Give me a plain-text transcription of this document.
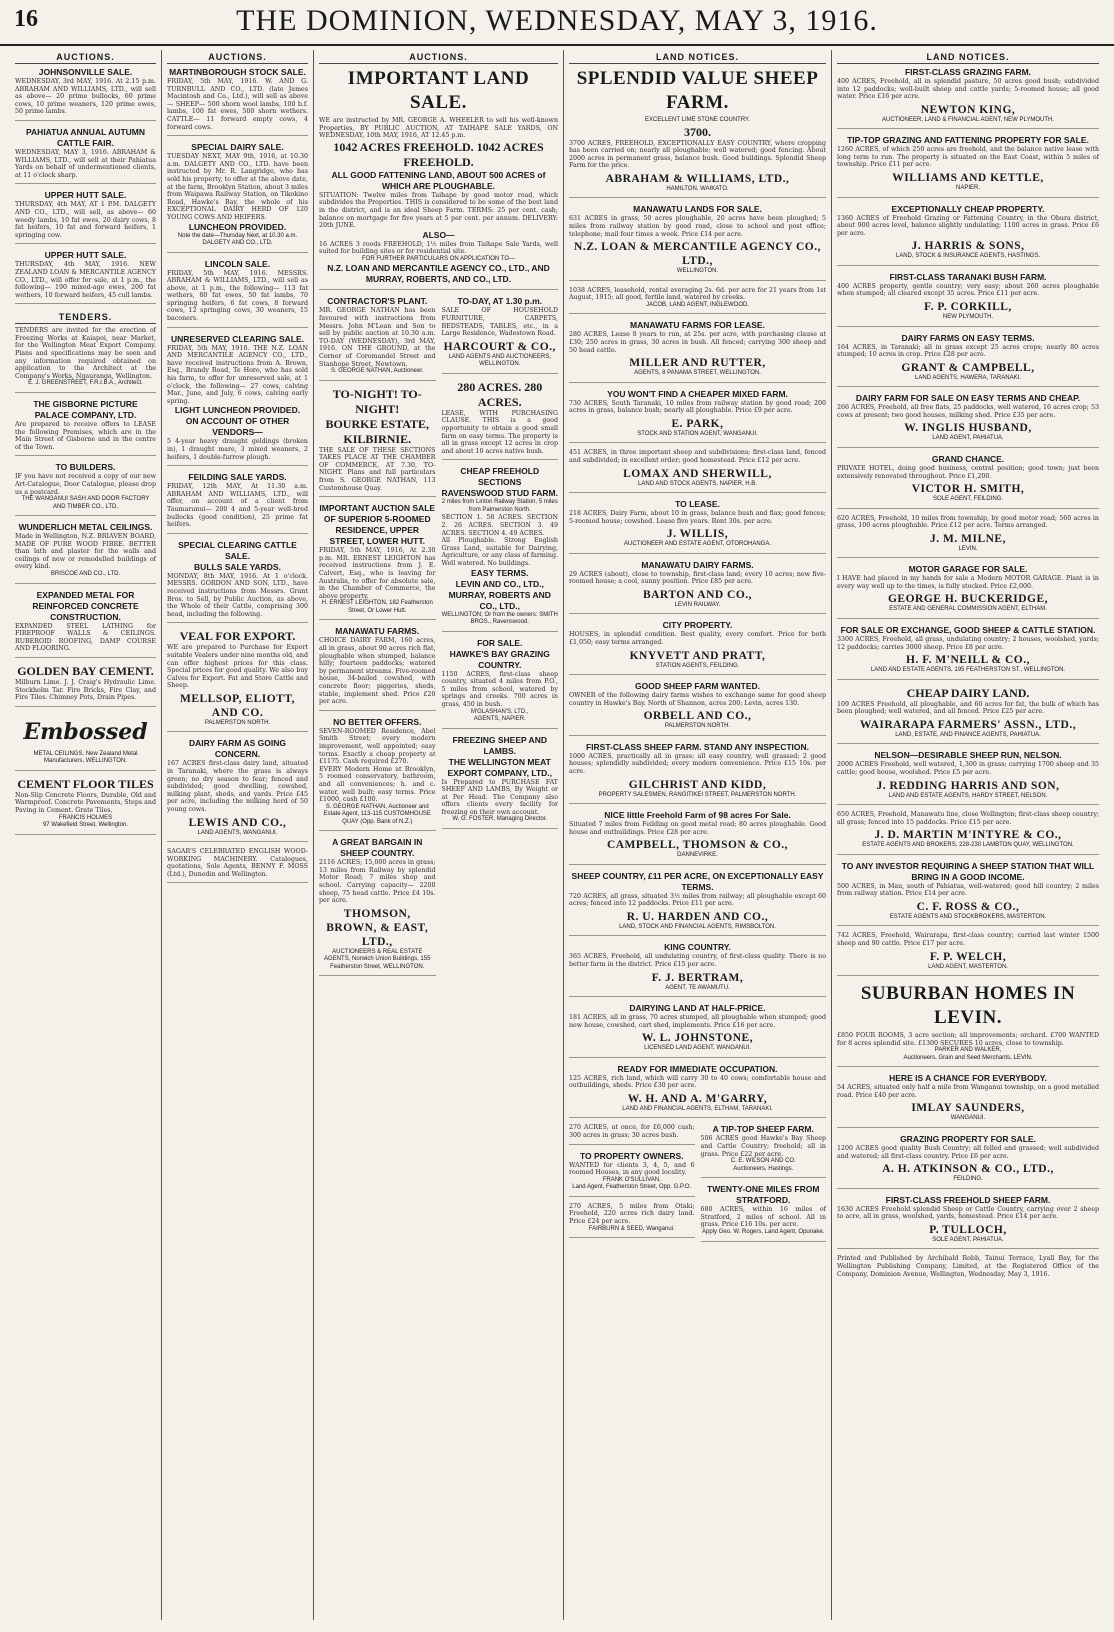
16	THE DOMINION, WEDNESDAY, MAY 3, 1916.
AUCTIONS.
JOHNSONVILLE SALE.
WEDNESDAY, 3rd MAY, 1916. At 2.15 p.m. ABRAHAM AND WILLIAMS, LTD., will sell as above— 20 prime bullocks, 60 prime cows, 10 prime weaners, 120 prime ewes, 50 prime lambs.
PAHIATUA ANNUAL AUTUMN CATTLE FAIR.
WEDNESDAY, MAY 3, 1916. ABRAHAM & WILLIAMS, LTD., will sell at their Pahiatua Yards on behalf of undermentioned clients, at 11 o'clock sharp.
UPPER HUTT SALE.
THURSDAY, 4th MAY, AT 1 P.M. DALGETY AND CO., LTD., will sell, as above— 60 weedy lambs, 10 fat ewes, 20 dairy cows, 8 fat heifers, 10 fat and forward heifers, 1 springing cow.
UPPER HUTT SALE.
THURSDAY, 4th MAY, 1916. NEW ZEALAND LOAN & MERCANTILE AGENCY CO., LTD., will offer for sale, at 1 p.m., the following— 190 mixed-age ewes, 200 fat wethers, 10 forward heifers, 45 cull lambs.
TENDERS.
TENDERS are invited for the erection of Freezing Works at Kaiapoi, near Market, for the Wellington Meat Export Company. Plans and specifications may be seen and any information required obtained on application to the Architect at the Company's Works, Ngauranga, Wellington.
E. J. GREENSTREET, F.R.I.B.A., Architect.
THE GISBORNE PICTURE PALACE COMPANY, LTD.
Are prepared to receive offers to LEASE the following Premises, which are in the Main Street of Gisborne and in the centre of the Town.
TO BUILDERS.
IF you have not received a copy of our new Art-Catalogue, Door Catalogue, please drop us a postcard.
THE WANGANUI SASH AND DOOR FACTORY AND TIMBER CO., LTD.
WUNDERLICH METAL CEILINGS.
Made in Wellington, N.Z. BRIAVEN BOARD, MADE OF PURE WOOD FIBRE. BETTER than lath and plaster for the walls and ceilings of new or remodelled buildings of every kind.
BRISCOE AND CO., LTD.
EXPANDED METAL FOR REINFORCED CONCRETE CONSTRUCTION.
EXPANDED STEEL LATHING for FIREPROOF WALLS & CEILINGS. RUBEROID ROOFING, DAMP COURSE AND FLOORING.
GOLDEN BAY CEMENT.
Milburn Lime. J. J. Craig's Hydraulic Lime. Stockholm Tar. Fire Bricks, Fire Clay, and Fire Tiles. Chimney Pots, Drain Pipes.
Embossed
METAL CEILINGS. New Zealand Metal Manufacturers, WELLINGTON.
CEMENT FLOOR TILES
Non-Slip Concrete Floors, Durable, Old and Warmproof. Concrete Pavements, Steps and Paving in Cement. Grate Tiles.
FRANCIS HOLMES
97 Wakefield Street, Wellington.
AUCTIONS.
MARTINBOROUGH STOCK SALE.
FRIDAY, 5th MAY, 1916. W. AND G. TURNBULL AND CO., LTD. (late James Macintosh and Co., Ltd.), will sell as above— SHEEP— 500 shorn wool lambs, 100 b.f. lambs, 100 fat ewes, 500 shorn wethers. CATTLE— 11 forward empty cows, 4 forward cows.
SPECIAL DAIRY SALE.
TUESDAY NEXT, MAY 9th, 1916, at 10.30 a.m. DALGETY AND CO., LTD. have been instructed by Mr. R. Langridge, who has sold his property, to offer at the above date, at the farm, Brooklyn Station, about 3 miles from Waipawa Railway Station, on Tikokino Road, Hawke's Bay, the whole of his EXCEPTIONAL DAIRY HERD OF 120 YOUNG COWS AND HEIFERS.
LUNCHEON PROVIDED.
Note the date—Thursday Next, at 10.30 a.m.
DALGETY AND CO., LTD.
LINCOLN SALE.
FRIDAY, 5th MAY, 1916. MESSRS. ABRAHAM & WILLIAMS, LTD., will sell as above, at 1 p.m., the following— 113 fat wethers, 80 fat ewes, 50 fat lambs, 70 springing heifers, 6 fat cows, 8 forward cows, 12 springing cows, 30 weaners, 15 baconers.
UNRESERVED CLEARING SALE.
FRIDAY, 5th MAY, 1916. THE N.Z. LOAN AND MERCANTILE AGENCY CO., LTD., have received instructions from A. Brown, Esq., Brandy Road, Te Horo, who has sold his farm, to offer for unreserved sale, at 1 o'clock, the following— 27 cows, calving Mar., June, and July, 6 cows, calving early spring.
LIGHT LUNCHEON PROVIDED.
ON ACCOUNT OF OTHER VENDORS—
5 4-year heavy draught geldings (broken in), 1 draught mare, 3 mixed weaners, 2 heifers, 1 double-furrow plough.
FEILDING SALE YARDS.
FRIDAY, 12th MAY, At 11.30 a.m. ABRAHAM AND WILLIAMS, LTD., will offer, on account of a client from Taumarunui— 200 4 and 5-year well-bred bullocks (good condition), 25 prime fat heifers.
SPECIAL CLEARING CATTLE SALE.
BULLS SALE YARDS.
MONDAY, 8th MAY, 1916. At 1 o'clock. MESSRS. GORDON AND SON, LTD., have received instructions from Messrs. Grant Bros. to Sell, by Public Auction, as above, the Whole of their Cattle, comprising 300 head, including the following.
VEAL FOR EXPORT.
WE are prepared to Purchase for Export suitable Vealers under nine months old, and can offer highest prices for this class. Special prices for good quality. We also buy Calves for Export. Fat and Store Cattle and Sheep.
MELLSOP, ELIOTT, AND CO.
PALMERSTON NORTH.
DAIRY FARM AS GOING CONCERN.
167 ACRES first-class dairy land, situated in Taranaki, where the grass is always green; no dry season to fear; fenced and subdivided; good dwelling, cowshed, milking plant, sheds, and yards. Price £45 per acre, including the milking herd of 50 young cows.
LEWIS AND CO.,
LAND AGENTS, WANGANUI.
SAGAR'S CELEBRATED ENGLISH WOOD-WORKING MACHINERY. Catalogues, quotations, Sole Agents, BENNY F. MOSS (Ltd.), Dunedin and Wellington.
AUCTIONS.
IMPORTANT LAND SALE.
WE are instructed by MR. GEORGE A. WHEELER to sell his well-known Properties, BY PUBLIC AUCTION, AT TAIHAPE SALE YARDS, ON WEDNESDAY, 10th MAY, 1916, AT 12.45 p.m.
1042 ACRES FREEHOLD. 1042 ACRES FREEHOLD.
ALL GOOD FATTENING LAND, ABOUT 500 ACRES of WHICH ARE PLOUGHABLE.
SITUATION: Twelve miles from Taihape by good motor road, which subdivides the Properties. THIS is considered to be some of the best land in the district, and is an ideal Sheep Farm. TERMS: 25 per cent. cash; balance on mortgage for five years at 5 per cent. per annum. DELIVERY: 20th JUNE.
ALSO—
16 ACRES 3 roods FREEHOLD, 1½ miles from Taihape Sale Yards, well suited for building sites or for residential site.
FOR FURTHER PARTICULARS ON APPLICATION TO—
N.Z. LOAN AND MERCANTILE AGENCY CO., LTD., AND MURRAY, ROBERTS, AND CO., LTD.
CONTRACTOR'S PLANT.
MR. GEORGE NATHAN has been favoured with instructions from Messrs. John M'Lean and Son to sell by public auction at 10.30 a.m. TO-DAY (WEDNESDAY), 3rd MAY, 1916. ON THE GROUND, at the Corner of Coromandel Street and Stanhope Street, Newtown.
S. GEORGE NATHAN, Auctioneer.
TO-NIGHT! TO-NIGHT!
BOURKE ESTATE, KILBIRNIE.
THE SALE OF THESE SECTIONS TAKES PLACE AT THE CHAMBER OF COMMERCE, AT 7.30, TO-NIGHT. Plans and full particulars from S. GEORGE NATHAN, 113 Customhouse Quay.
IMPORTANT AUCTION SALE OF SUPERIOR 5-ROOMED RESIDENCE, UPPER STREET, LOWER HUTT.
FRIDAY, 5th MAY, 1916, At 2.30 p.m. MR. ERNEST LEIGHTON has received instructions from J. E. Calvert, Esq., who is leaving for Australia, to offer for absolute sale, in the Chamber of Commerce, the above property.
H. ERNEST LEIGHTON, 182 Featherston Street, Or Lower Hutt.
MANAWATU FARMS.
CHOICE DAIRY FARM, 160 acres, all in grass, about 90 acres rich flat, ploughable when stumped, balance hilly; fourteen paddocks; watered by permanent streams. Five-roomed house, 34-bailed cowshed, with concrete floor; piggeries, sheds, stable, implement shed. Price £20 per acre.
NO BETTER OFFERS.
SEVEN-ROOMED Residence, Abel Smith Street; every modern improvement, well appointed; easy terms. Exactly a cheap property at £1175. Cash required £270.
EVERY Modern Home at Brooklyn, 5 roomed conservatory, bathroom, and all conveniences; h. and c. water, well built; easy terms. Price £1000, cash £100.
S. GEORGE NATHAN, Auctioneer and Estate Agent, 113-115 CUSTOMHOUSE QUAY (Opp. Bank of N.Z.)
A GREAT BARGAIN IN SHEEP COUNTRY.
2116 ACRES; 15,000 acres in grass; 13 miles from Railway by splendid Motor Road; 7 miles shop and school. Carrying capacity— 2200 sheep, 75 head cattle. Price £4 10s. per acre.
THOMSON, BROWN, & EAST, LTD.,
AUCTIONEERS & REAL ESTATE AGENTS, Norwich Union Buildings, 155 Featherston Street, WELLINGTON.
TO-DAY, AT 1.30 p.m.
SALE OF HOUSEHOLD FURNITURE, CARPETS, BEDSTEADS, TABLES, etc., in a Large Residence, Wadestown Road.
HARCOURT & CO.,
LAND AGENTS AND AUCTIONEERS, WELLINGTON.
280 ACRES. 280 ACRES.
LEASE, WITH PURCHASING CLAUSE. THIS is a good opportunity to obtain a good small farm on easy terms. The property is all in grass except 12 acres in crop and about 10 acres native bush.
CHEAP FREEHOLD SECTIONS
RAVENSWOOD STUD FARM.
2 miles from Linton Railway Station, 5 miles from Palmerston North.
SECTION 1. 58 ACRES. SECTION 2. 26 ACRES. SECTION 3. 49 ACRES. SECTION 4. 49 ACRES.
All Ploughable. Strong English Grass Land, suitable for Dairying, Agriculture, or any class of farming. Well watered. No buildings.
EASY TERMS.
LEVIN AND CO., LTD., MURRAY, ROBERTS AND CO., LTD.,
WELLINGTON; Or from the owners: SMITH BROS., Ravenswood.
FOR SALE.
HAWKE'S BAY GRAZING COUNTRY.
1150 ACRES, first-class sheep country, situated 4 miles from P.O., 5 miles from school, watered by springs and creeks. 700 acres in grass, 450 in bush.
M'GLASHAN'S, LTD.,
AGENTS, NAPIER.
FREEZING SHEEP AND LAMBS.
THE WELLINGTON MEAT EXPORT COMPANY, LTD.,
Is Prepared to PURCHASE FAT SHEEP AND LAMBS, By Weight or at Per Head. The Company also offers clients every facility for freezing on their own account.
W. G. FOSTER, Managing Director.
LAND NOTICES.
SPLENDID VALUE SHEEP FARM.
EXCELLENT LIME STONE COUNTRY.
3700.
3700 ACRES, FREEHOLD, EXCEPTIONALLY EASY COUNTRY, where cropping has been carried on; nearly all ploughable; well watered; good fencing. About 2000 acres in permanent grass, balance bush. Good buildings. Splendid Sheep Farm for the price.
ABRAHAM & WILLIAMS, LTD.,
HAMILTON, WAIKATO.
MANAWATU LANDS FOR SALE.
631 ACRES in grass, 50 acres ploughable, 20 acres have been ploughed; 5 miles from railway station by good road, close to school and post office; telephone; mail four times a week. Price £14 per acre.
N.Z. LOAN & MERCANTILE AGENCY CO., LTD.,
WELLINGTON.
1038 ACRES, leasehold, rental averaging 2s. 6d. per acre for 21 years from 1st August, 1915; all good, fertile land, watered by creeks.
JACOB, LAND AGENT, INGLEWOOD.
MANAWATU FARMS FOR LEASE.
280 ACRES, Lease 8 years to run, at 25s. per acre, with purchasing clause at £30; 250 acres in grass, 30 acres in bush. All fenced; carrying 300 sheep and 50 head cattle.
MILLER AND RUTTER,
AGENTS, 8 PANAMA STREET, WELLINGTON.
YOU WON'T FIND A CHEAPER MIXED FARM.
730 ACRES, South Taranaki, 10 miles from railway station by good road; 200 acres in grass, balance bush; nearly all ploughable. Price £9 per acre.
E. PARK,
STOCK AND STATION AGENT, WANGANUI.
451 ACRES, in three important sheep and subdivisions; first-class land, fenced and subdivided; in excellent order; good homestead. Price £12 per acre.
LOMAX AND SHERWILL,
LAND AND STOCK AGENTS, NAPIER, H.B.
TO LEASE.
218 ACRES, Dairy Farm, about 10 in grass, balance bush and flax; good fences; 5-roomed house; cowshed. Lease five years. Rent 30s. per acre.
J. WILLIS,
AUCTIONEER AND ESTATE AGENT, OTOROHANGA.
MANAWATU DAIRY FARMS.
29 ACRES (about), close to township, first-class land; every 10 acres; new five-roomed house; a cool, sunny position. Price £85 per acre.
BARTON AND CO.,
LEVIN RAILWAY.
CITY PROPERTY.
HOUSES, in splendid condition. Best quality, every comfort. Price for both £1,050; easy terms arranged.
KNYVETT AND PRATT,
STATION AGENTS, FEILDING.
GOOD SHEEP FARM WANTED.
OWNER of the following dairy farms wishes to exchange same for good sheep country in Hawke's Bay. North of Shannon, acres 200; Levin, acres 130.
ORBELL AND CO.,
PALMERSTON NORTH.
FIRST-CLASS SHEEP FARM. STAND ANY INSPECTION.
1000 ACRES, practically all in grass; all easy country, well grassed; 2 good houses; splendidly subdivided; every modern convenience. Price £15 10s. per acre.
GILCHRIST AND KIDD,
PROPERTY SALESMEN, RANGITIKEI STREET, PALMERSTON NORTH.
NICE little Freehold Farm of 98 acres For Sale.
Situated 7 miles from Feilding on good metal road; 80 acres ploughable. Good house and outbuildings. Price £28 per acre.
CAMPBELL, THOMSON & CO.,
DANNEVIRKE.
SHEEP COUNTRY, £11 PER ACRE, ON EXCEPTIONALLY EASY TERMS.
720 ACRES, all grass, situated 3½ miles from railway; all ploughable except 60 acres; fenced into 12 paddocks. Price £11 per acre.
R. U. HARDEN AND CO.,
LAND, STOCK AND FINANCIAL AGENTS, RIMSBOLTON.
KING COUNTRY.
365 ACRES, Freehold, all undulating country, of first-class quality. There is no better farm in the district. Price £15 per acre.
F. J. BERTRAM,
AGENT, TE AWAMUTU.
DAIRYING LAND AT HALF-PRICE.
181 ACRES, all in grass, 70 acres stumped, all ploughable when stumped; good new house, cowshed, cart shed, implements. Price £16 per acre.
W. L. JOHNSTONE,
LICENSED LAND AGENT, WANGANUI.
READY FOR IMMEDIATE OCCUPATION.
125 ACRES, rich land, which will carry 30 to 40 cows; comfortable house and outbuildings, sheds. Price £30 per acre.
W. H. AND A. M'GARRY,
LAND AND FINANCIAL AGENTS, ELTHAM, TARANAKI.
270 ACRES, at once, for £6,000 cash; 300 acres in grass; 30 acres bush.
TO PROPERTY OWNERS.
WANTED for clients 3, 4, 5, and 6 roomed Houses, in any good locality.
FRANK O'SULLIVAN,
Land Agent, Featherston Street, Opp. G.P.O.
270 ACRES, 5 miles from Otaki; Freehold, 220 acres rich dairy land. Price £24 per acre.
FAIRBURN & SEED, Wanganui.
A TIP-TOP SHEEP FARM.
506 ACRES good Hawke's Bay Sheep and Cattle Country; freehold; all in grass. Price £22 per acre.
C. E. WILSON AND CO.
Auctioneers, Hastings.
TWENTY-ONE MILES FROM STRATFORD.
680 ACRES, within 16 miles of Stratford, 2 miles of school. All in grass. Price £16 10s. per acre.
Apply Geo. W. Rogers, Land Agent, Opunake.
LAND NOTICES.
FIRST-CLASS GRAZING FARM.
400 ACRES, Freehold, all in splendid pasture, 50 acres good bush; subdivided into 12 paddocks; well-built sheep and cattle yards; 5-roomed house; all good water. Price £16 per acre.
NEWTON KING,
AUCTIONEER, LAND & FINANCIAL AGENT, NEW PLYMOUTH.
TIP-TOP GRAZING AND FATTENING PROPERTY FOR SALE.
1260 ACRES, of which 250 acres are freehold, and the balance native lease with long term to run. The property is situated on the East Coast, within 5 miles of township. Price £11 per acre.
WILLIAMS AND KETTLE,
NAPIER.
EXCEPTIONALLY CHEAP PROPERTY.
1360 ACRES of Freehold Grazing or Fattening Country, in the Obura district, about 900 acres level, balance slightly undulating; 1100 acres in grass. Price £6 per acre.
J. HARRIS & SONS,
LAND, STOCK & INSURANCE AGENTS, HASTINGS.
FIRST-CLASS TARANAKI BUSH FARM.
400 ACRES property, gentle country; very easy; about 260 acres ploughable when stumped; all cleared except 35 acres. Price £11 per acre.
F. P. CORKILL,
NEW PLYMOUTH.
DAIRY FARMS ON EASY TERMS.
164 ACRES, in Taranaki; all in grass except 25 acres crops; nearly 80 acres stumped; 10 acres in crop. Price £28 per acre.
GRANT & CAMPBELL,
LAND AGENTS, HAWERA, TARANAKI.
DAIRY FARM FOR SALE ON EASY TERMS AND CHEAP.
266 ACRES, Freehold, all free flats, 25 paddocks, well watered, 16 acres crop; 53 cows at present; two good houses, milking shed. Price £35 per acre.
W. INGLIS HUSBAND,
LAND AGENT, PAHIATUA.
GRAND CHANCE.
PRIVATE HOTEL, doing good business, central position; good town; just been extensively renovated throughout. Price £1,200.
VICTOR H. SMITH,
SOLE AGENT, FEILDING.
620 ACRES, Freehold, 10 miles from township, by good motor road; 560 acres in grass, 100 acres ploughable. Price £12 per acre. Terms arranged.
J. M. MILNE,
LEVIN.
MOTOR GARAGE FOR SALE.
I HAVE had placed in my hands for sale a Modern MOTOR GARAGE. Plant is in every way well up to the times, is fully stocked. Price £2,000.
GEORGE H. BUCKERIDGE,
ESTATE AND GENERAL COMMISSION AGENT, ELTHAM.
FOR SALE OR EXCHANGE, GOOD SHEEP & CATTLE STATION.
3300 ACRES, Freehold, all grass, undulating country; 2 houses, woolshed, yards; 12 paddocks; carries 3000 sheep. Price £8 per acre.
H. F. M'NEILL & CO.,
LAND AND ESTATE AGENTS, 195 FEATHERSTON ST., WELLINGTON.
CHEAP DAIRY LAND.
109 ACRES Freehold, all ploughable, and 60 acres for fat, the bulk of which has been ploughed; well watered, and all fenced. Price £25 per acre.
WAIRARAPA FARMERS' ASSN., LTD.,
LAND, ESTATE, AND FINANCE AGENTS, PAHIATUA.
NELSON—DESIRABLE SHEEP RUN, NELSON.
2000 ACRES Freehold, well watered, 1,300 in grass; carrying 1700 sheep and 35 cattle; good house, woolshed. Price £5 per acre.
J. REDDING HARRIS AND SON,
LAND AND ESTATE AGENTS, HARDY STREET, NELSON.
650 ACRES, Freehold, Manawatu line, close Wellington; first-class sheep country; all grass; fenced into 15 paddocks. Price £15 per acre.
J. D. MARTIN M'INTYRE & CO.,
ESTATE AGENTS AND BROKERS, 228-230 LAMBTON QUAY, WELLINGTON.
TO ANY INVESTOR REQUIRING A SHEEP STATION THAT WILL BRING IN A GOOD INCOME.
500 ACRES, in Mau, south of Pahiatua, well-watered; good hill country; 2 miles from railway station. Price £14 per acre.
C. F. ROSS & CO.,
ESTATE AGENTS AND STOCKBROKERS, MASTERTON.
742 ACRES, Freehold, Wairarapa, first-class country; carried last winter 1500 sheep and 90 cattle. Price £17 per acre.
F. P. WELCH,
LAND AGENT, MASTERTON.
SUBURBAN HOMES IN LEVIN.
£850 FOUR ROOMS, 3 acre section; all improvements; orchard. £700 WANTED for 8 acres splendid site. £1300 SECURES 10 acres, close to township.
PARKER AND WALKER,
Auctioneers, Grain and Seed Merchants, LEVIN.
HERE IS A CHANCE FOR EVERYBODY.
54 ACRES, situated only half a mile from Wanganui township, on a good metalled road. Price £40 per acre.
IMLAY SAUNDERS,
WANGANUI.
GRAZING PROPERTY FOR SALE.
1200 ACRES good quality Bush Country; all felled and grassed; well subdivided and watered; all first-class country. Price £6 per acre.
A. H. ATKINSON & CO., LTD.,
FEILDING.
FIRST-CLASS FREEHOLD SHEEP FARM.
1630 ACRES Freehold splendid Sheep or Cattle Country, carrying over 2 sheep to acre, all in grass, woolshed, yards, homestead. Price £14 per acre.
P. TULLOCH,
SOLE AGENT, PAHIATUA.
Printed and Published by Archibald Robb, Tainui Terrace, Lyall Bay, for the Wellington Publishing Company, Limited, at the Registered Office of the Company, Dominion Avenue, Wellington, Wednesday, May 3, 1916.
